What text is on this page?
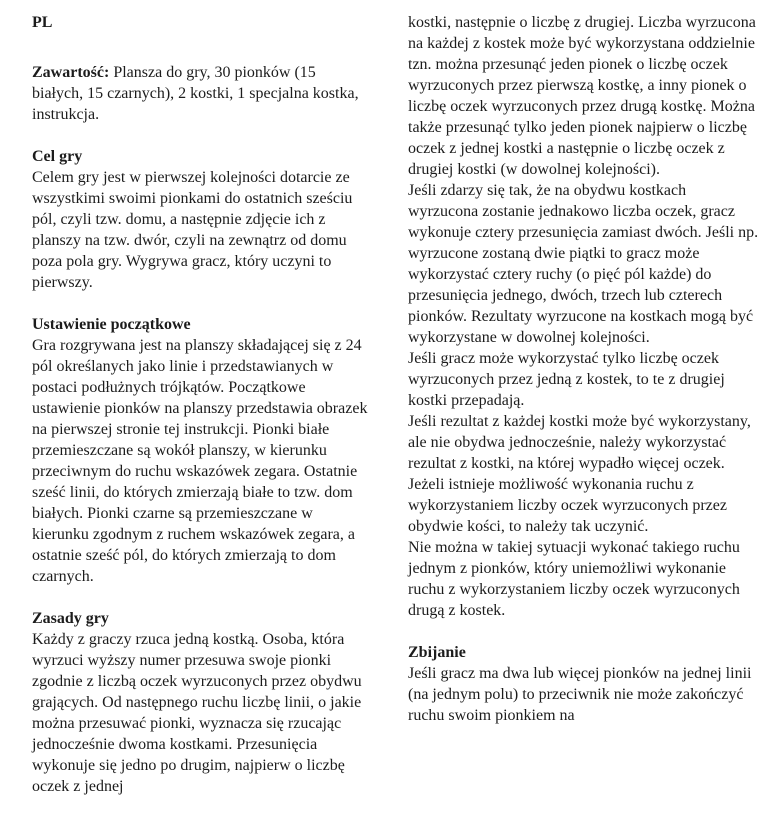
PL

Zawartość: Plansza do gry, 30 pionków (15 białych, 15 czarnych), 2 kostki, 1 specjalna kostka, instrukcja.

Cel gry

Celem gry jest w pierwszej kolejności dotarcie ze wszystkimi swoimi pionkami do ostatnich sześciu pól, czyli tzw. domu, a następnie zdjęcie ich z planszy na tzw. dwór, czyli na zewnątrz od domu poza pola gry. Wygrywa gracz, który uczyni to pierwszy.

Ustawienie początkowe

Gra rozgrywana jest na planszy składającej się z 24 pól określanych jako linie i przedstawianych w postaci podłużnych trójkątów. Początkowe ustawienie pionków na planszy przedstawia obrazek na pierwszej stronie tej instrukcji. Pionki białe przemieszczane są wokół planszy, w kierunku przeciwnym do ruchu wskazówek zegara. Ostatnie sześć linii, do których zmierzają białe to tzw. dom białych. Pionki czarne są przemieszczane w kierunku zgodnym z ruchem wskazówek zegara, a ostatnie sześć pól, do których zmierzają to dom czarnych.

Zasady gry

Każdy z graczy rzuca jedną kostką. Osoba, która wyrzuci wyższy numer przesuwa swoje pionki zgodnie z liczbą oczek wyrzuconych przez obydwu grających. Od następnego ruchu liczbę linii, o jakie można przesuwać pionki, wyznacza się rzucając jednocześnie dwoma kostkami. Przesunięcia wykonuje się jedno po drugim, najpierw o liczbę oczek z jednej

kostki, następnie o liczbę z drugiej. Liczba wyrzucona na każdej z kostek może być wykorzystana oddzielnie tzn. można przesunąć jeden pionek o liczbę oczek wyrzuconych przez pierwszą kostkę, a inny pionek o liczbę oczek wyrzuconych przez drugą kostkę. Można także przesunąć tylko jeden pionek najpierw o liczbę oczek z jednej kostki a następnie o liczbę oczek z drugiej kostki (w dowolnej kolejności).

Jeśli zdarzy się tak, że na obydwu kostkach wyrzucona zostanie jednakowo liczba oczek, gracz wykonuje cztery przesunięcia zamiast dwóch. Jeśli np. wyrzucone zostaną dwie piątki to gracz może wykorzystać cztery ruchy (o pięć pól każde) do przesunięcia jednego, dwóch, trzech lub czterech pionków. Rezultaty wyrzucone na kostkach mogą być wykorzystane w dowolnej kolejności.

Jeśli gracz może wykorzystać tylko liczbę oczek wyrzuconych przez jedną z kostek, to te z drugiej kostki przepadają.

Jeśli rezultat z każdej kostki może być wykorzystany, ale nie obydwa jednocześnie, należy wykorzystać rezultat z kostki, na której wypadło więcej oczek.

Jeżeli istnieje możliwość wykonania ruchu z wykorzystaniem liczby oczek wyrzuconych przez obydwie kości, to należy tak uczynić.

Nie można w takiej sytuacji wykonać takiego ruchu jednym z pionków, który uniemożliwi wykonanie ruchu z wykorzystaniem liczby oczek wyrzuconych drugą z kostek.

Zbijanie

Jeśli gracz ma dwa lub więcej pionków na jednej linii (na jednym polu) to przeciwnik nie może zakończyć ruchu swoim pionkiem na
